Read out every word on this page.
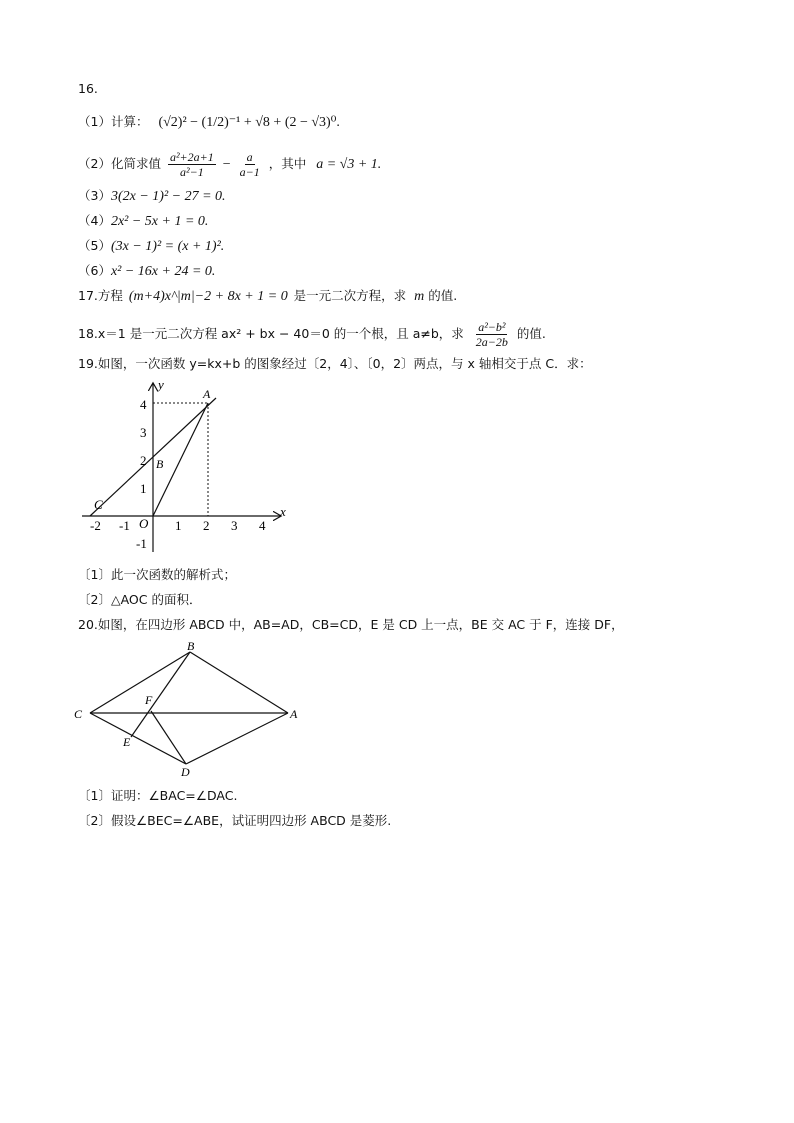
16.
（1）计算： (√2)² − (1/2)⁻¹ + √8 + (2 − √3)⁰.
（2）化简求值 $\frac{\text{a²+2a+1}}{\text{a²−1}} - \frac{a}{a-1}$ ，其中 a = √3 + 1.
（3）3(2x − 1)² − 27 = 0.
（4）2x² − 5x + 1 = 0.
（5）(3x − 1)² = (x + 1)².
（6）x² − 16x + 24 = 0.
17.方程 (m+4)x^|m|−2 + 8x + 1 = 0 是一元二次方程，求 m 的值.
18.x＝1 是一元二次方程 ax² + bx − 40＝0 的一个根，且 a≠b，求 $\frac{\text{a²−b²}}{2a-2b}$ 的值.
19.如图，一次函数 y=kx+b 的图象经过〔2，4〕、〔0，2〕两点，与 x 轴相交于点 C．求：
-2 -1	1 2 3 4
4
3
2
1
-1
x
y
O
A
B
C
〔1〕此一次函数的解析式；
〔2〕△AOC 的面积．
20.如图，在四边形 ABCD 中，AB=AD，CB=CD，E 是 CD 上一点，BE 交 AC 于 F，连接 DF，
B
C	A
D
E
F
〔1〕证明：∠BAC=∠DAC.
〔2〕假设∠BEC=∠ABE，试证明四边形 ABCD 是菱形.
